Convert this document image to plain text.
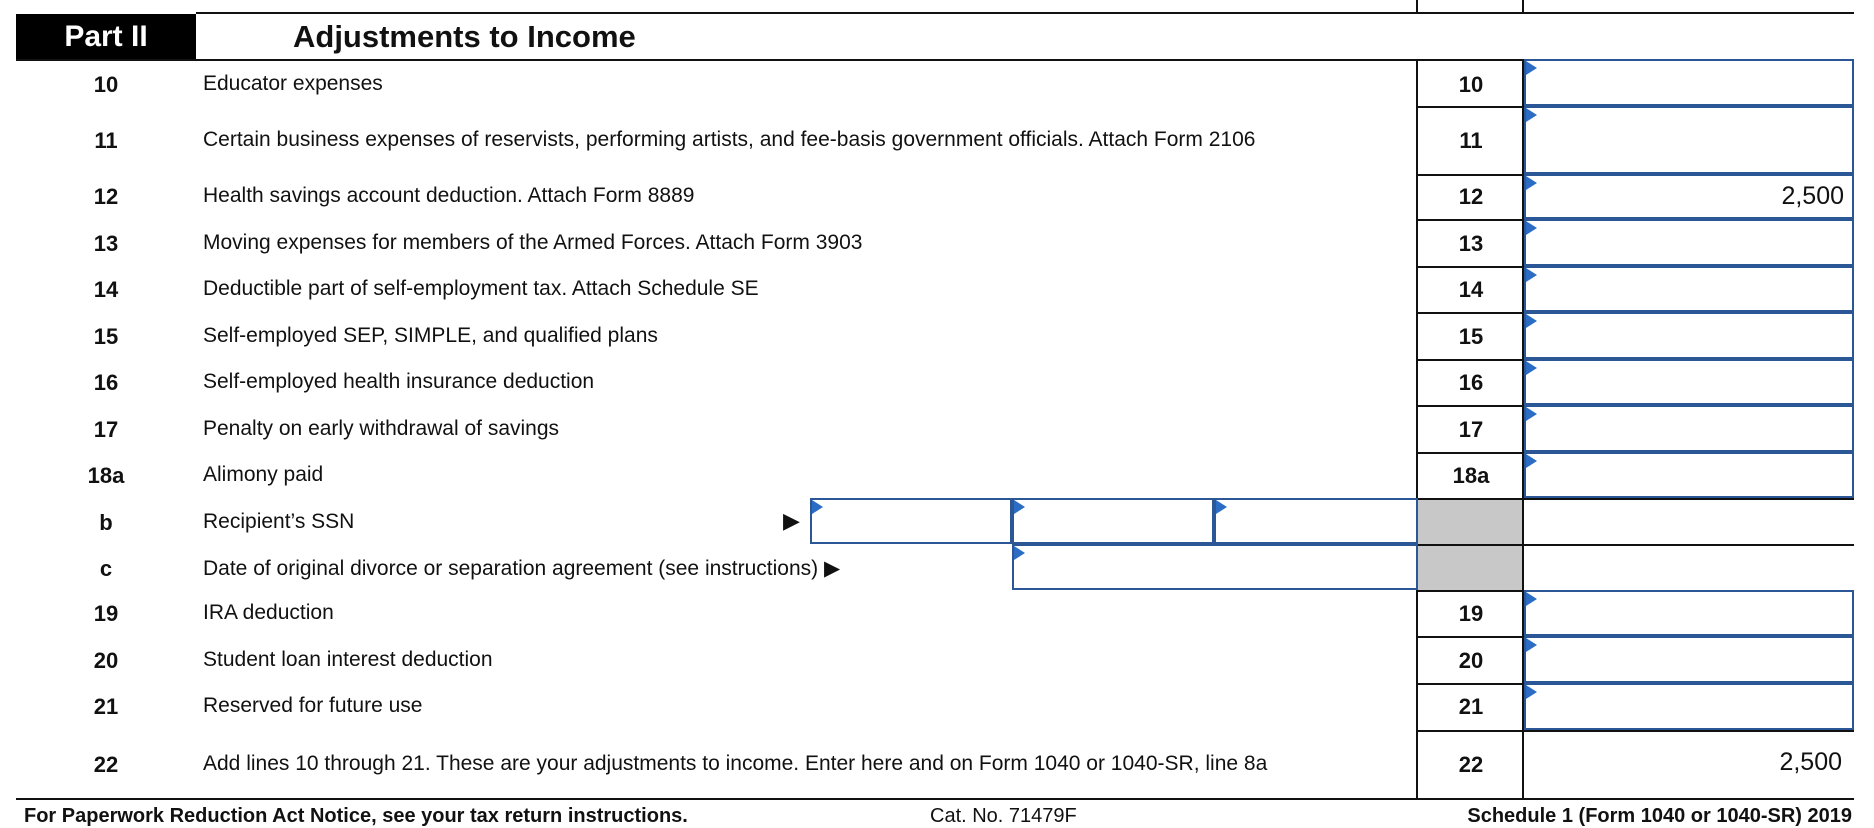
Part II	Adjustments to Income
10	Educator expenses	10
11	Certain business expenses of reservists, performing artists, and fee-basis government officials. Attach Form 2106	11
12	Health savings account deduction. Attach Form 8889	12	2,500
13	Moving expenses for members of the Armed Forces. Attach Form 3903	13
14	Deductible part of self-employment tax. Attach Schedule SE	14
15	Self-employed SEP, SIMPLE, and qualified plans	15
16	Self-employed health insurance deduction	16
17	Penalty on early withdrawal of savings	17
18a	Alimony paid	18a
b	Recipient’s SSN	▶
c	Date of original divorce or separation agreement (see instructions) ▶
19	IRA deduction	19
20	Student loan interest deduction	20
21	Reserved for future use	21
22	Add lines 10 through 21. These are your adjustments to income. Enter here and on Form 1040 or 1040-SR, line 8a	22	2,500
For Paperwork Reduction Act Notice, see your tax return instructions.	Cat. No. 71479F	Schedule 1 (Form 1040 or 1040-SR) 2019
